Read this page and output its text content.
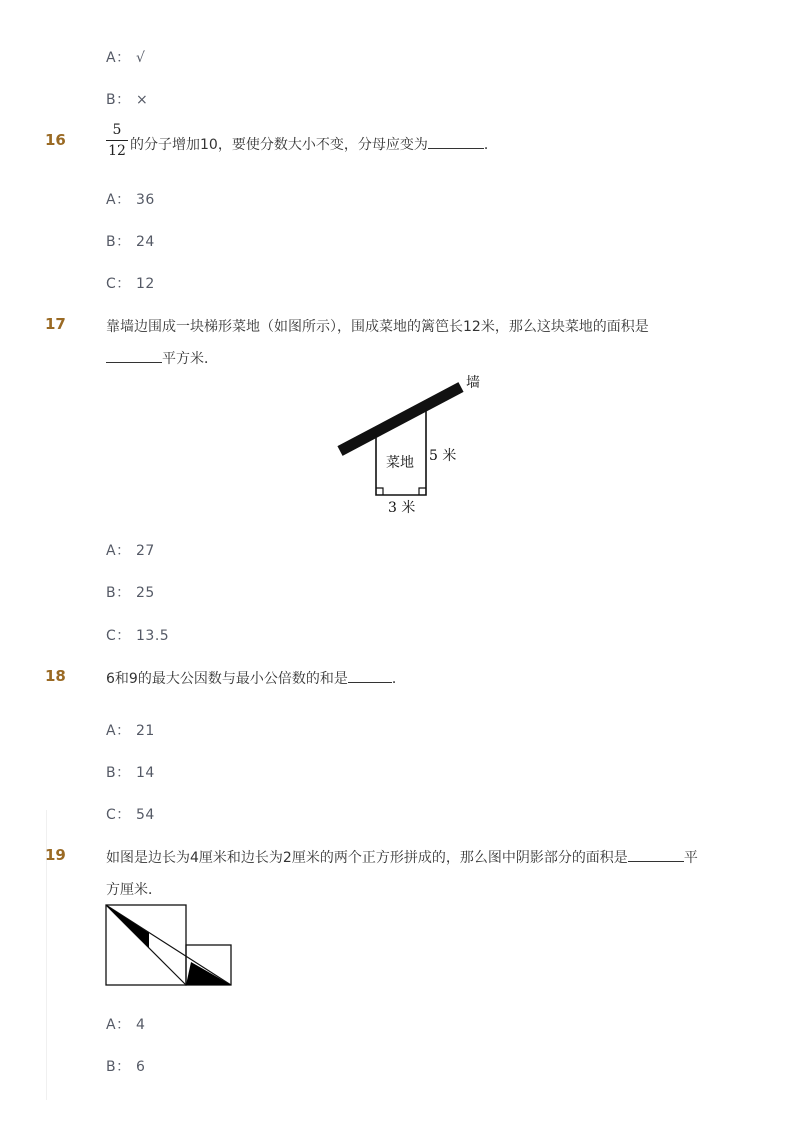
A： √
B： ×
16
5
12 的分子增加10，要使分数大小不变，分母应变为	．
A： 36
B： 24
C： 12
17	靠墙边围成一块梯形菜地（如图所示），围成菜地的篱笆长12米，那么这块菜地的面积是
平方米．
墙
菜地 5 米
3 米
A： 27
B： 25
C： 13.5
18	6和9的最大公因数与最小公倍数的和是	．
A： 21
B： 14
C： 54
19	如图是边长为4厘米和边长为2厘米的两个正方形拼成的，那么图中阴影部分的面积是	平
方厘米．
A： 4
B： 6
